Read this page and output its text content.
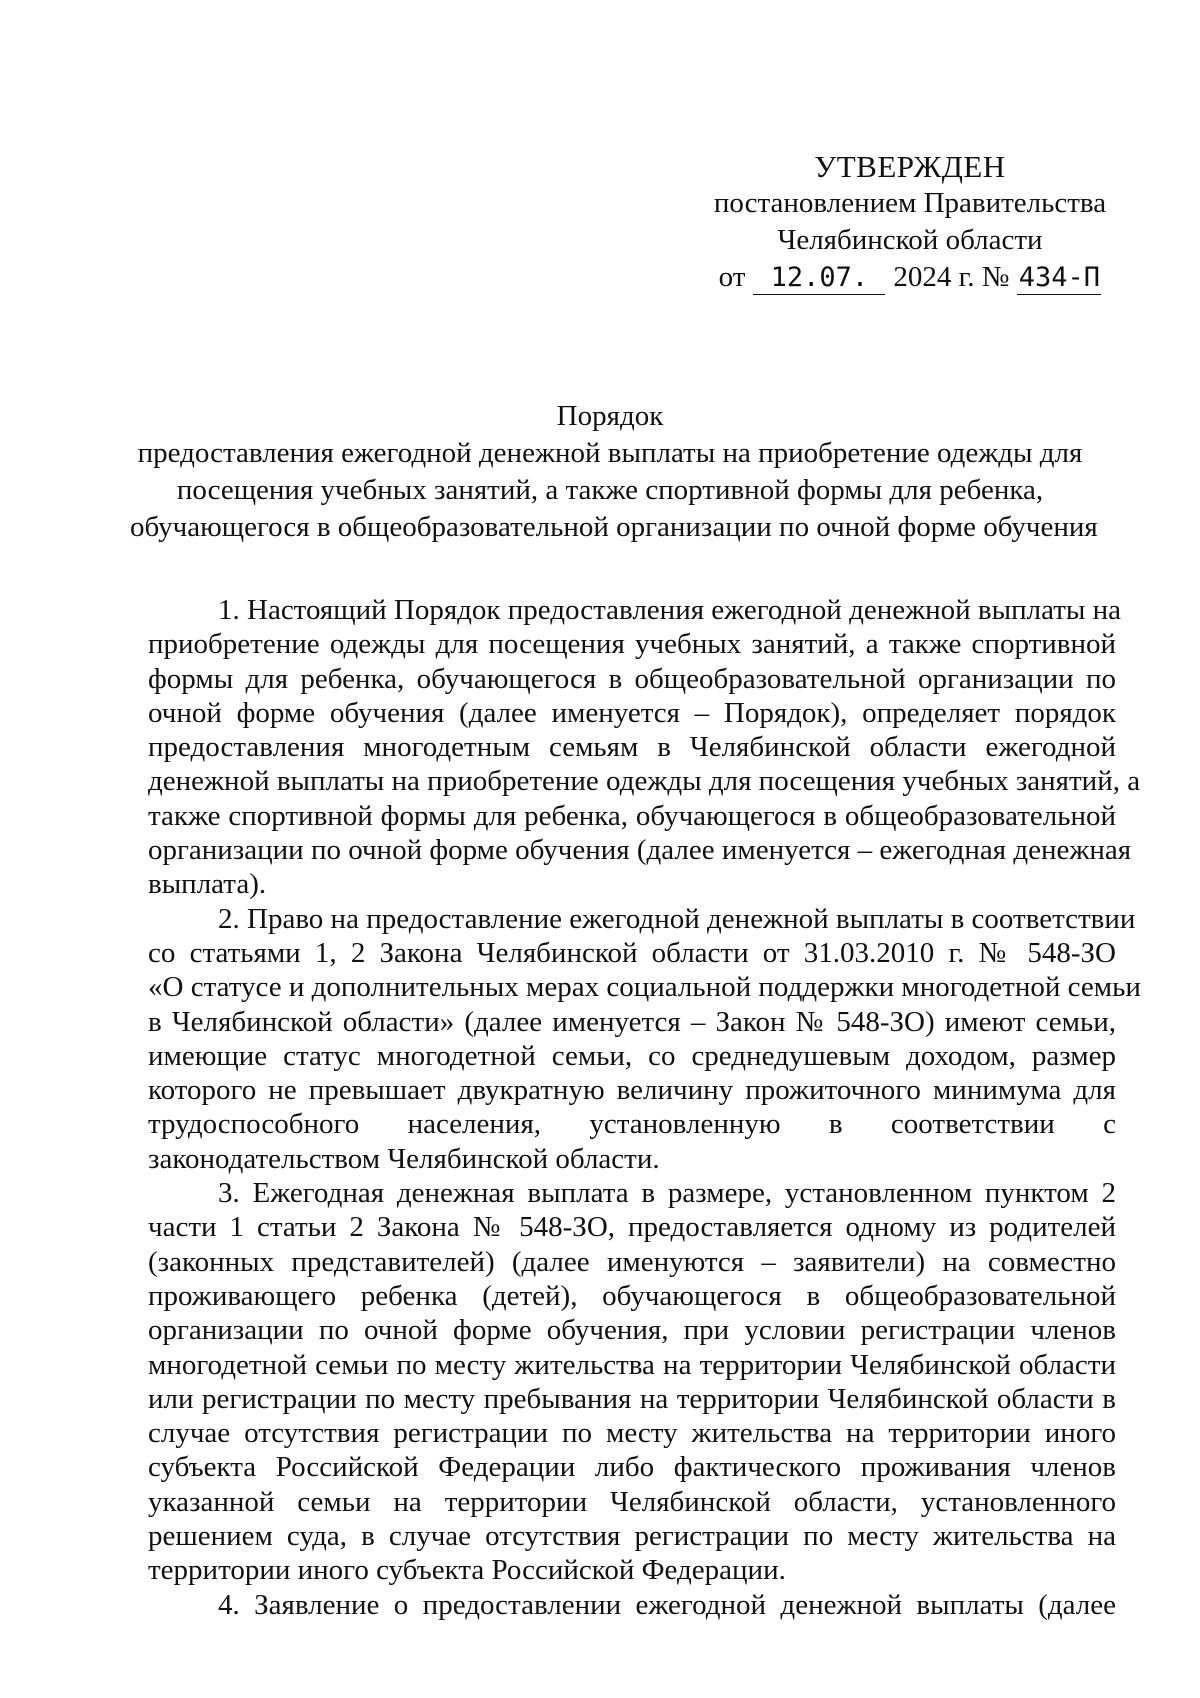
УТВЕРЖДЕН
постановлением Правительства
Челябинской области
от 12.07. 2024 г. № 434-П
Порядок
предоставления ежегодной денежной выплаты на приобретение одежды для
посещения учебных занятий, а также спортивной формы для ребенка,
обучающегося в общеобразовательной организации по очной форме обучения

1. Настоящий Порядок предоставления ежегодной денежной выплаты на
приобретение одежды для посещения учебных занятий, а также спортивной
формы для ребенка, обучающегося в общеобразовательной организации по
очной форме обучения (далее именуется – Порядок), определяет порядок
предоставления многодетным семьям в Челябинской области ежегодной
денежной выплаты на приобретение одежды для посещения учебных занятий, а
также спортивной формы для ребенка, обучающегося в общеобразовательной
организации по очной форме обучения (далее именуется – ежегодная денежная
выплата).

2. Право на предоставление ежегодной денежной выплаты в соответствии
со статьями 1, 2 Закона Челябинской области от 31.03.2010 г. № 548-ЗО
«О статусе и дополнительных мерах социальной поддержки многодетной семьи
в Челябинской области» (далее именуется – Закон № 548-ЗО) имеют семьи,
имеющие статус многодетной семьи, со среднедушевым доходом, размер
которого не превышает двукратную величину прожиточного минимума для
трудоспособного населения, установленную в соответствии с
законодательством Челябинской области.

3. Ежегодная денежная выплата в размере, установленном пунктом 2
части 1 статьи 2 Закона № 548-ЗО, предоставляется одному из родителей
(законных представителей) (далее именуются – заявители) на совместно
проживающего ребенка (детей), обучающегося в общеобразовательной
организации по очной форме обучения, при условии регистрации членов
многодетной семьи по месту жительства на территории Челябинской области
или регистрации по месту пребывания на территории Челябинской области в
случае отсутствия регистрации по месту жительства на территории иного
субъекта Российской Федерации либо фактического проживания членов
указанной семьи на территории Челябинской области, установленного
решением суда, в случае отсутствия регистрации по месту жительства на
территории иного субъекта Российской Федерации.

4. Заявление о предоставлении ежегодной денежной выплаты (далее
